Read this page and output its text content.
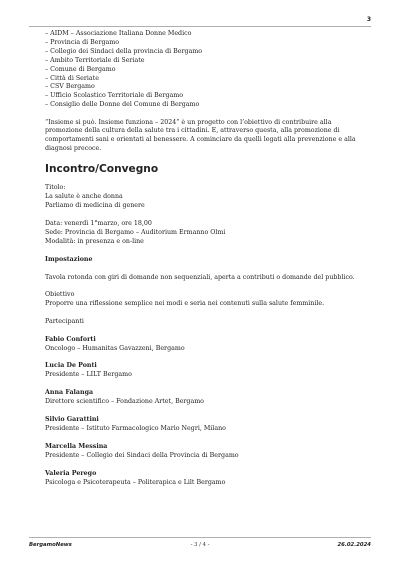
3
– AIDM – Associazione Italiana Donne Medico
– Provincia di Bergamo
– Collegio dei Sindaci della provincia di Bergamo
– Ambito Territoriale di Seriate
– Comune di Bergamo
– Città di Seriate
– CSV Bergamo
– Ufficio Scolastico Territoriale di Bergamo
– Consiglio delle Donne del Comune di Bergamo

“Insieme si può. Insieme funziona – 2024” è un progetto con l’obiettivo di contribuire alla promozione della cultura della salute tra i cittadini. E, attraverso questa, alla promozione di comportamenti sani e orientati al benessere. A cominciare da quelli legati alla prevenzione e alla diagnosi precoce.

Incontro/Convegno

Titolo:

La salute è anche donna

Parliamo di medicina di genere

Data: venerdì 1°marzo, ore 18,00

Sede: Provincia di Bergamo – Auditorium Ermanno Olmi

Modalità: in presenza e on-line

Impostazione

Tavola rotonda con giri di domande non sequenziali, aperta a contributi o domande del pubblico.

Obiettivo

Proporre una riflessione semplice nei modi e seria nei contenuti sulla salute femminile.

Partecipanti

Fabio Conforti

Oncologo – Humanitas Gavazzeni, Bergamo

Lucia De Ponti

Presidente – LILT Bergamo

Anna Falanga

Direttore scientifico – Fondazione Artet, Bergamo

Silvio Garattini

Presidente – Istituto Farmacologico Mario Negri, Milano

Marcella Messina

Presidente – Collegio dei Sindaci della Provincia di Bergamo

Valeria Perego

Psicologa e Psicoterapeuta – Politerapica e Lilt Bergamo

BergamoNews	- 3 / 4 -	26.02.2024
